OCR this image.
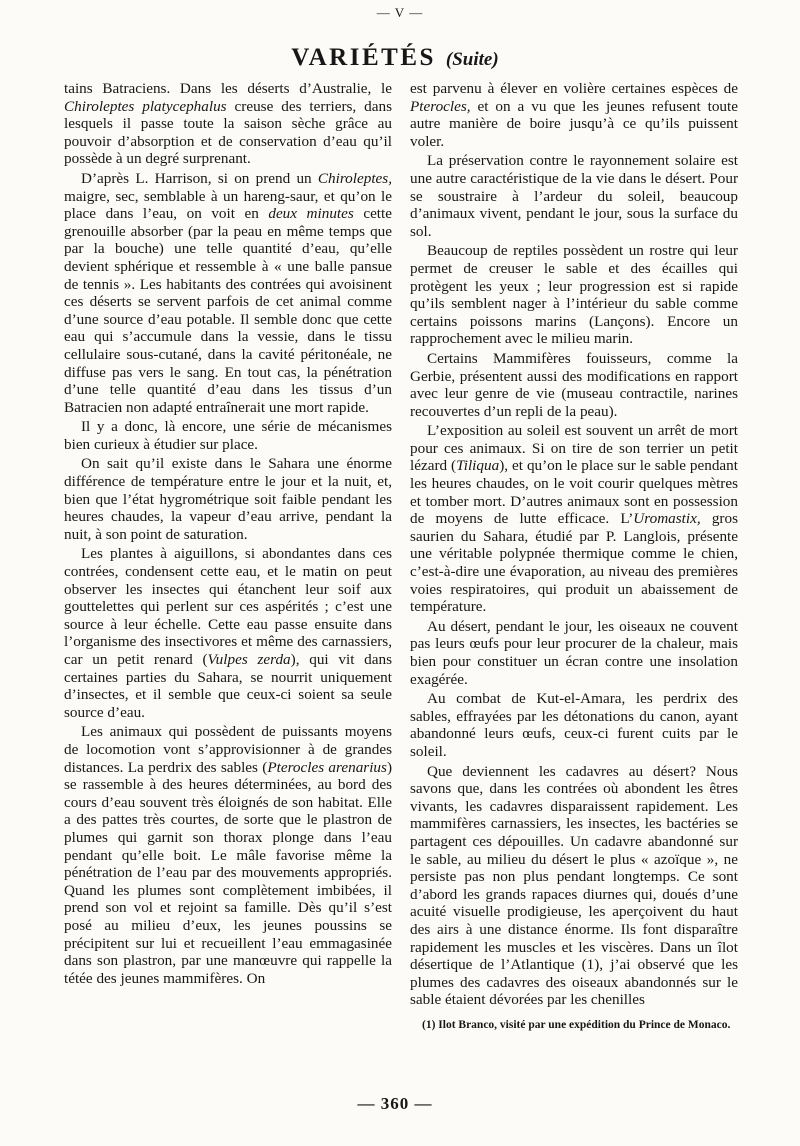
— V —
VARIÉTÉS (Suite)

tains Batraciens. Dans les déserts d’Australie, le Chiroleptes platycephalus creuse des terriers, dans lesquels il passe toute la saison sèche grâce au pouvoir d’absorption et de conservation d’eau qu’il possède à un degré surprenant.

D’après L. Harrison, si on prend un Chiroleptes, maigre, sec, semblable à un hareng-saur, et qu’on le place dans l’eau, on voit en deux minutes cette grenouille absorber (par la peau en même temps que par la bouche) une telle quantité d’eau, qu’elle devient sphérique et ressemble à « une balle pansue de tennis ». Les habitants des contrées qui avoisinent ces déserts se servent parfois de cet animal comme d’une source d’eau potable. Il semble donc que cette eau qui s’accumule dans la vessie, dans le tissu cellulaire sous-cutané, dans la cavité péritonéale, ne diffuse pas vers le sang. En tout cas, la pénétration d’une telle quantité d’eau dans les tissus d’un Batracien non adapté entraînerait une mort rapide.

Il y a donc, là encore, une série de mécanismes bien curieux à étudier sur place.

On sait qu’il existe dans le Sahara une énorme différence de température entre le jour et la nuit, et, bien que l’état hygrométrique soit faible pendant les heures chaudes, la vapeur d’eau arrive, pendant la nuit, à son point de saturation.

Les plantes à aiguillons, si abondantes dans ces contrées, condensent cette eau, et le matin on peut observer les insectes qui étanchent leur soif aux gouttelettes qui perlent sur ces aspérités ; c’est une source à leur échelle. Cette eau passe ensuite dans l’organisme des insectivores et même des carnassiers, car un petit renard (Vulpes zerda), qui vit dans certaines parties du Sahara, se nourrit uniquement d’insectes, et il semble que ceux-ci soient sa seule source d’eau.

Les animaux qui possèdent de puissants moyens de locomotion vont s’approvisionner à de grandes distances. La perdrix des sables (Pterocles arenarius) se rassemble à des heures déterminées, au bord des cours d’eau souvent très éloignés de son habitat. Elle a des pattes très courtes, de sorte que le plastron de plumes qui garnit son thorax plonge dans l’eau pendant qu’elle boit. Le mâle favorise même la pénétration de l’eau par des mouvements appropriés. Quand les plumes sont complètement imbibées, il prend son vol et rejoint sa famille. Dès qu’il s’est posé au milieu d’eux, les jeunes poussins se précipitent sur lui et recueillent l’eau emmagasinée dans son plastron, par une manœuvre qui rappelle la tétée des jeunes mammifères. On

est parvenu à élever en volière certaines espèces de Pterocles, et on a vu que les jeunes refusent toute autre manière de boire jusqu’à ce qu’ils puissent voler.

La préservation contre le rayonnement solaire est une autre caractéristique de la vie dans le désert. Pour se soustraire à l’ardeur du soleil, beaucoup d’animaux vivent, pendant le jour, sous la surface du sol.

Beaucoup de reptiles possèdent un rostre qui leur permet de creuser le sable et des écailles qui protègent les yeux ; leur progression est si rapide qu’ils semblent nager à l’intérieur du sable comme certains poissons marins (Lançons). Encore un rapprochement avec le milieu marin.

Certains Mammifères fouisseurs, comme la Gerbie, présentent aussi des modifications en rapport avec leur genre de vie (museau contractile, narines recouvertes d’un repli de la peau).

L’exposition au soleil est souvent un arrêt de mort pour ces animaux. Si on tire de son terrier un petit lézard (Tiliqua), et qu’on le place sur le sable pendant les heures chaudes, on le voit courir quelques mètres et tomber mort. D’autres animaux sont en possession de moyens de lutte efficace. L’Uromastix, gros saurien du Sahara, étudié par P. Langlois, présente une véritable polypnée thermique comme le chien, c’est-à-dire une évaporation, au niveau des premières voies respiratoires, qui produit un abaissement de température.

Au désert, pendant le jour, les oiseaux ne couvent pas leurs œufs pour leur procurer de la chaleur, mais bien pour constituer un écran contre une insolation exagérée.

Au combat de Kut-el-Amara, les perdrix des sables, effrayées par les détonations du canon, ayant abandonné leurs œufs, ceux-ci furent cuits par le soleil.

Que deviennent les cadavres au désert? Nous savons que, dans les contrées où abondent les êtres vivants, les cadavres disparaissent rapidement. Les mammifères carnassiers, les insectes, les bactéries se partagent ces dépouilles. Un cadavre abandonné sur le sable, au milieu du désert le plus « azoïque », ne persiste pas non plus pendant longtemps. Ce sont d’abord les grands rapaces diurnes qui, doués d’une acuité visuelle prodigieuse, les aperçoivent du haut des airs à une distance énorme. Ils font disparaître rapidement les muscles et les viscères. Dans un îlot désertique de l’Atlantique (1), j’ai observé que les plumes des cadavres des oiseaux abandonnés sur le sable étaient dévorées par les chenilles

(1) Ilot Branco, visité par une expédition du Prince de Monaco.
— 360 —
